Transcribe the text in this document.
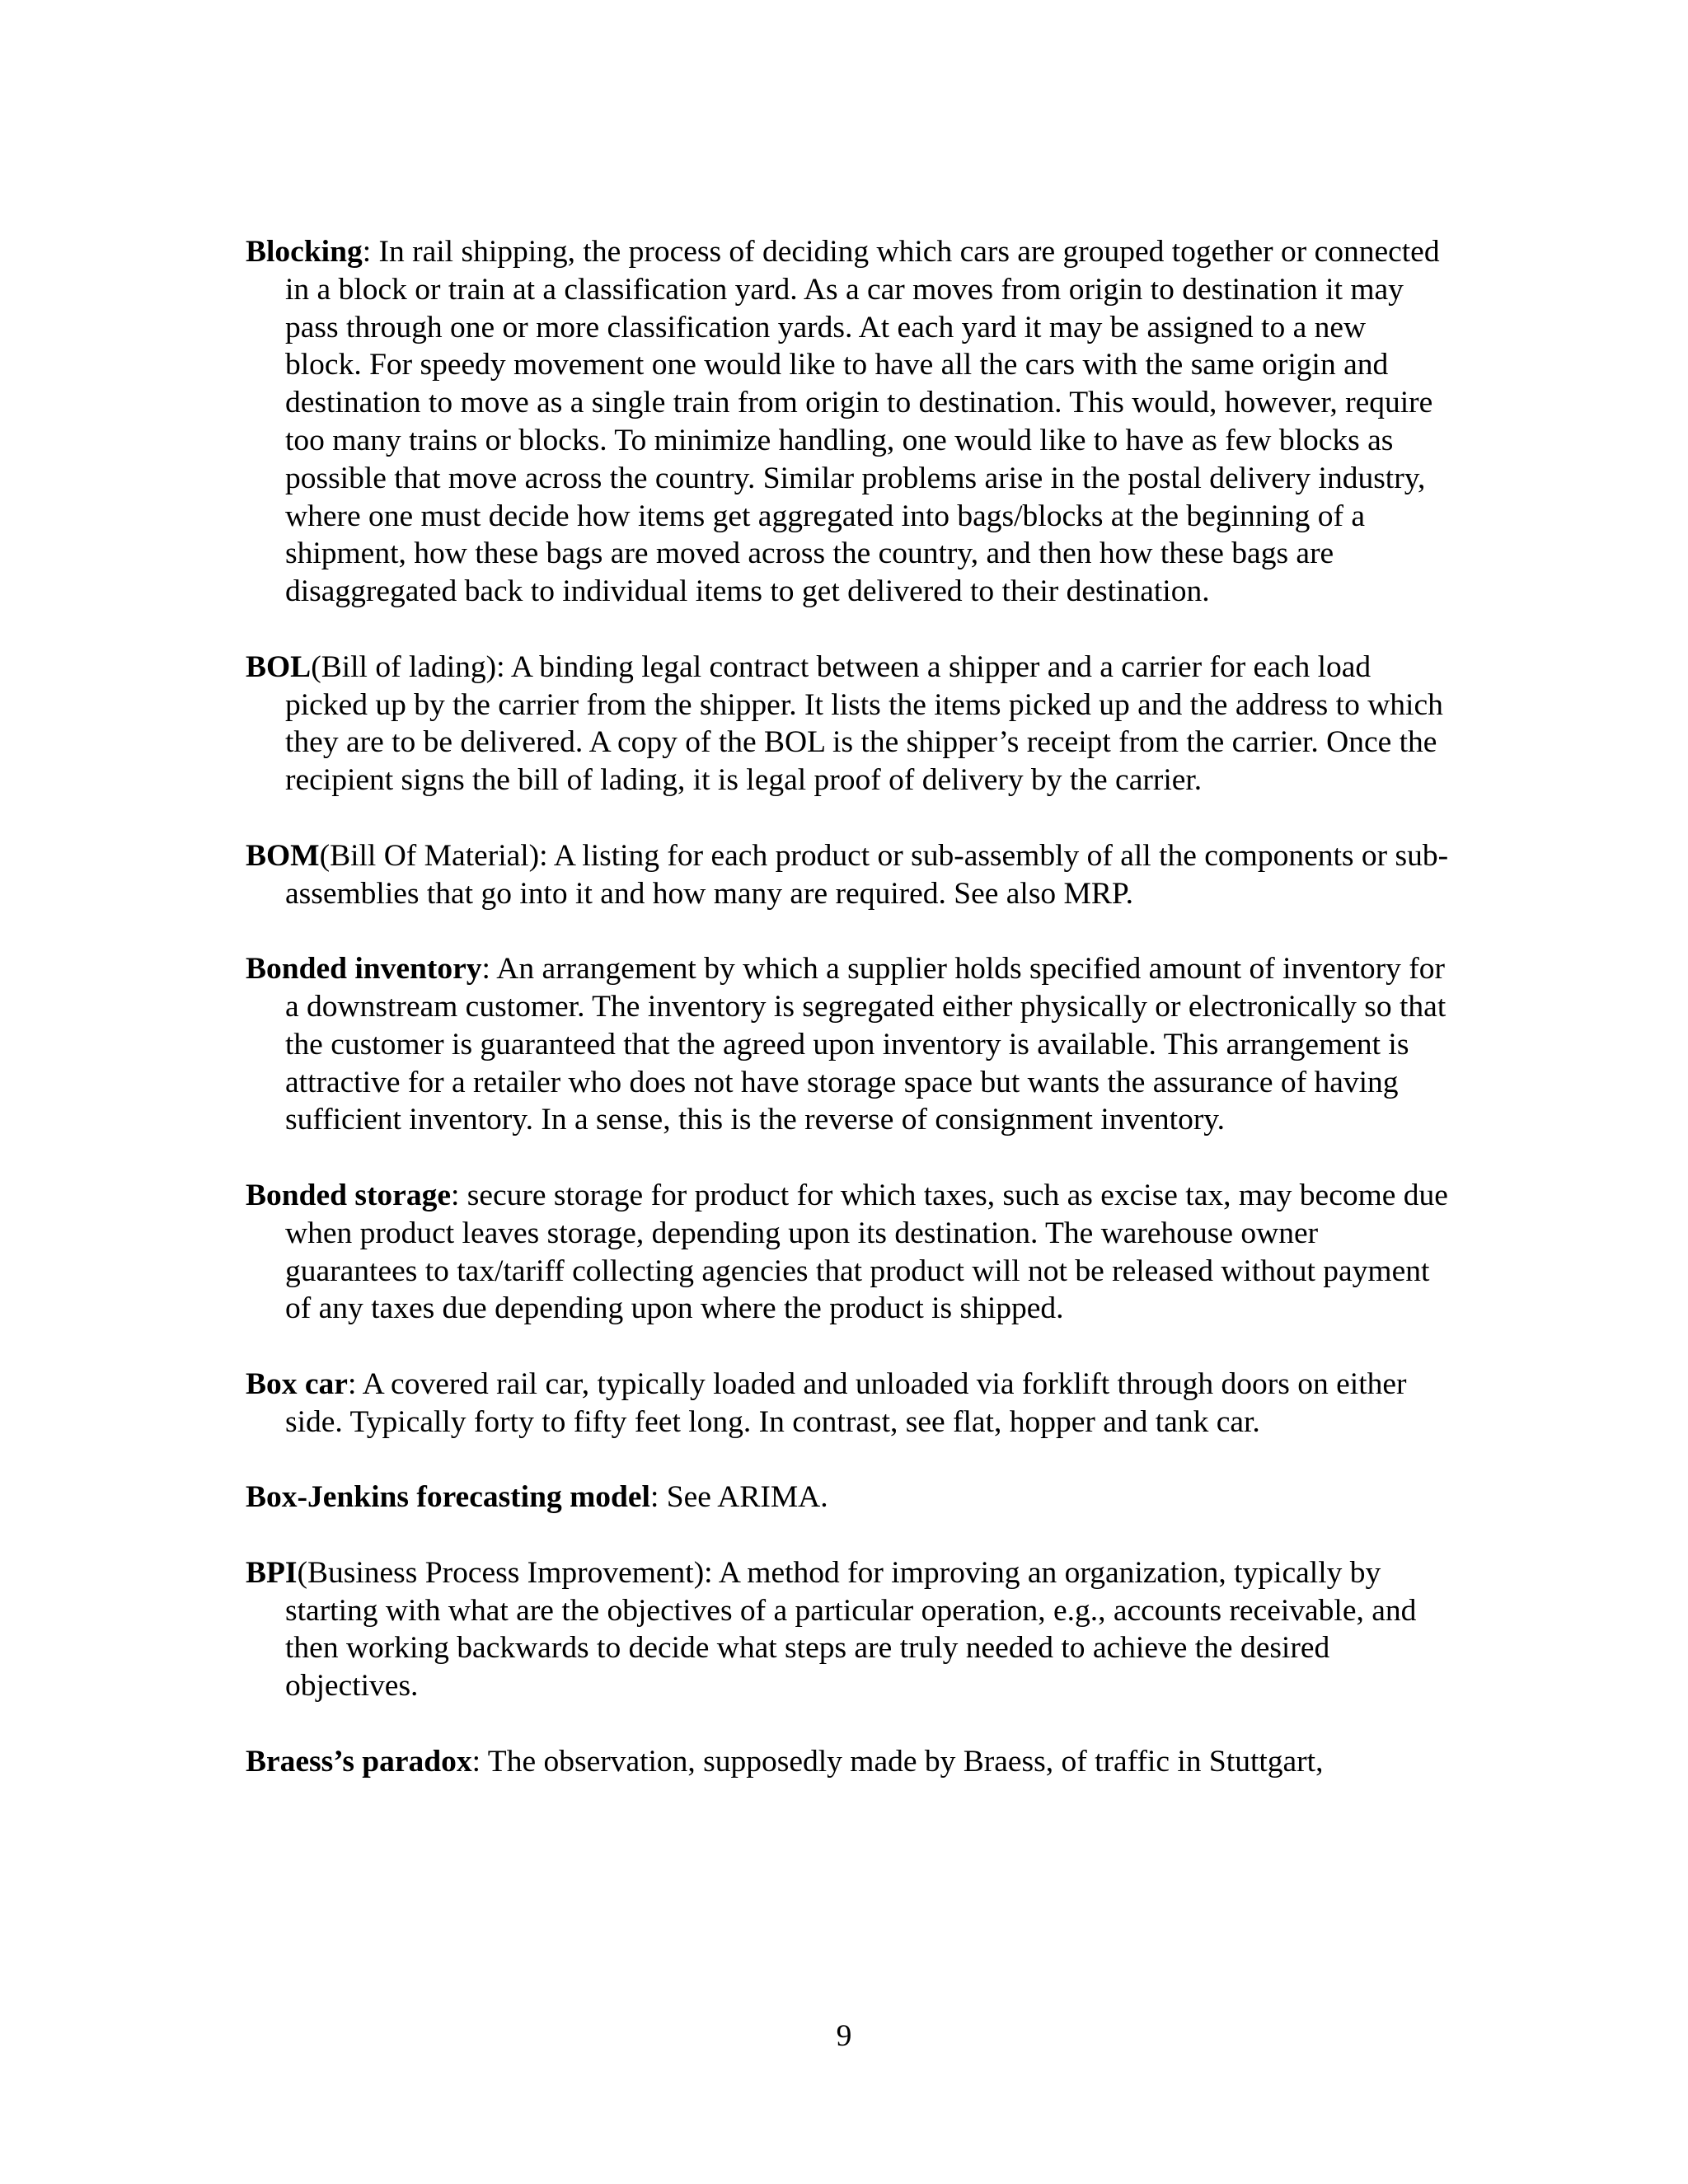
Blocking: In rail shipping, the process of deciding which cars are grouped together or connected in a block or train at a classification yard. As a car moves from origin to destination it may pass through one or more classification yards. At each yard it may be assigned to a new block. For speedy movement one would like to have all the cars with the same origin and destination to move as a single train from origin to destination. This would, however, require too many trains or blocks. To minimize handling, one would like to have as few blocks as possible that move across the country. Similar problems arise in the postal delivery industry, where one must decide how items get aggregated into bags/blocks at the beginning of a shipment, how these bags are moved across the country, and then how these bags are disaggregated back to individual items to get delivered to their destination.

BOL(Bill of lading): A binding legal contract between a shipper and a carrier for each load picked up by the carrier from the shipper. It lists the items picked up and the address to which they are to be delivered. A copy of the BOL is the shipper’s receipt from the carrier. Once the recipient signs the bill of lading, it is legal proof of delivery by the carrier.

BOM(Bill Of Material): A listing for each product or sub-assembly of all the components or sub-assemblies that go into it and how many are required. See also MRP.

Bonded inventory: An arrangement by which a supplier holds specified amount of inventory for a downstream customer. The inventory is segregated either physically or electronically so that the customer is guaranteed that the agreed upon inventory is available. This arrangement is attractive for a retailer who does not have storage space but wants the assurance of having sufficient inventory. In a sense, this is the reverse of consignment inventory.

Bonded storage: secure storage for product for which taxes, such as excise tax, may become due when product leaves storage, depending upon its destination. The warehouse owner guarantees to tax/tariff collecting agencies that product will not be released without payment of any taxes due depending upon where the product is shipped.

Box car: A covered rail car, typically loaded and unloaded via forklift through doors on either side. Typically forty to fifty feet long. In contrast, see flat, hopper and tank car.

Box-Jenkins forecasting model: See ARIMA.

BPI(Business Process Improvement): A method for improving an organization, typically by starting with what are the objectives of a particular operation, e.g., accounts receivable, and then working backwards to decide what steps are truly needed to achieve the desired objectives.

Braess’s paradox: The observation, supposedly made by Braess, of traffic in Stuttgart,

9
